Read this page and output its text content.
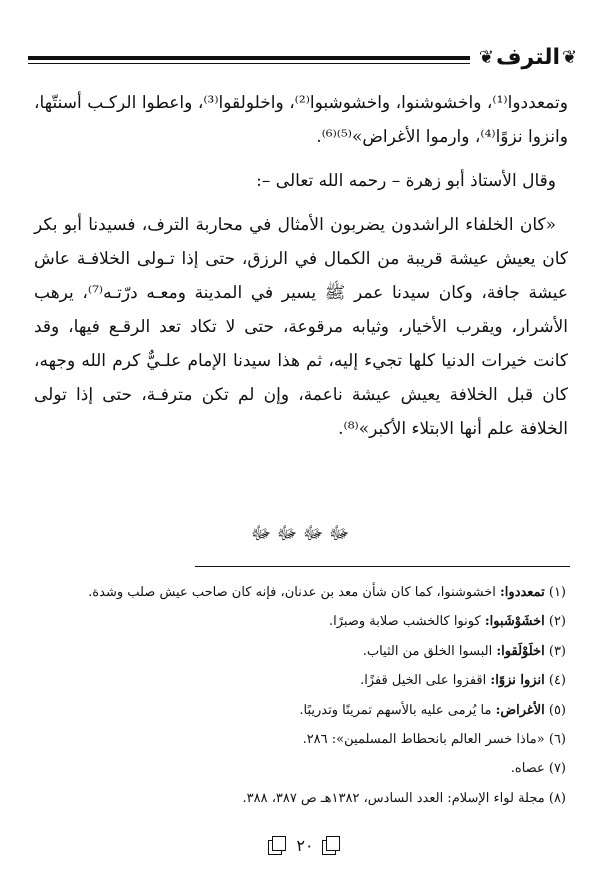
❦
الترف
❦

وتمعددوا⁽¹⁾، واخشوشنوا، واخشوشبوا⁽²⁾، واخلولقوا⁽³⁾، واعطوا الركـب أسنتّها، وانزوا نزوًا⁽⁴⁾، وارموا الأغراض»⁽⁵⁾⁽⁶⁾.

وقال الأستاذ أبو زهرة – رحمه الله تعالى –:

«كان الخلفاء الراشدون يضربون الأمثال في محاربة الترف، فسيدنا أبو بكر كان يعيش عيشة قريبة من الكمال في الرزق، حتى إذا تـولى الخلافـة عاش عيشة جافة، وكان سيدنا عمر ﷺ يسير في المدينة ومعـه درّتـه⁽⁷⁾، يرهب الأشرار، ويقرب الأخيار، وثيابه مرقوعة، حتى لا تكاد تعد الرقـع فيها، وقد كانت خيرات الدنيا كلها تجيء إليه، ثم هذا سيدنا الإمام علـيٌّ كرم الله وجهه، كان قبل الخلافة يعيش عيشة ناعمة، وإن لم تكن مترفـة، حتى إذا تولى الخلافة علم أنها الابتلاء الأكبر»⁽⁸⁾.

ﷻ ﷻ ﷻ ﷻ
(١) تمعددوا: اخشوشنوا، كما كان شأن معد بن عدنان، فإنه كان صاحب عيش صلب وشدة.
(٢) اخشَوْشَبوا: كونوا كالخشب صلابة وصبرًا.
(٣) اخلَوْلَقوا: البسوا الخلق من الثياب.
(٤) انزوا نزوًا: اقفزوا على الخيل قفزًا.
(٥) الأغراض: ما يُرمى عليه بالأسهم تمرينًا وتدريبًا.
(٦) «ماذا خسر العالم بانحطاط المسلمين»: ٢٨٦.
(٧) عصاه.
(٨) مجلة لواء الإسلام: العدد السادس، ١٣٨٢هـ ص ٣٨٧، ٣٨٨.
٢٠
